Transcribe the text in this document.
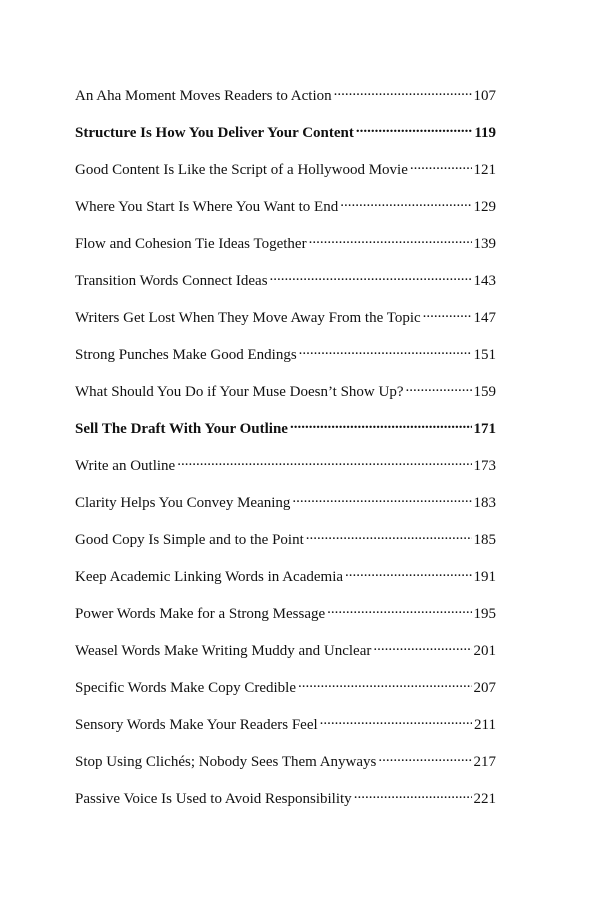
An Aha Moment Moves Readers to Action .....	107
Structure Is How You Deliver Your Content .....	119
Good Content Is Like the Script of a Hollywood Movie .....	121
Where You Start Is Where You Want to End .....	129
Flow and Cohesion Tie Ideas Together .....	139
Transition Words Connect Ideas .....	143
Writers Get Lost When They Move Away From the Topic .....	147
Strong Punches Make Good Endings .....	151
What Should You Do if Your Muse Doesn’t Show Up? .....	159
Sell The Draft With Your Outline .....	171
Write an Outline .....	173
Clarity Helps You Convey Meaning .....	183
Good Copy Is Simple and to the Point .....	185
Keep Academic Linking Words in Academia .....	191
Power Words Make for a Strong Message .....	195
Weasel Words Make Writing Muddy and Unclear .....	201
Specific Words Make Copy Credible .....	207
Sensory Words Make Your Readers Feel .....	211
Stop Using Clichés; Nobody Sees Them Anyways .....	217
Passive Voice Is Used to Avoid Responsibility .....	221
